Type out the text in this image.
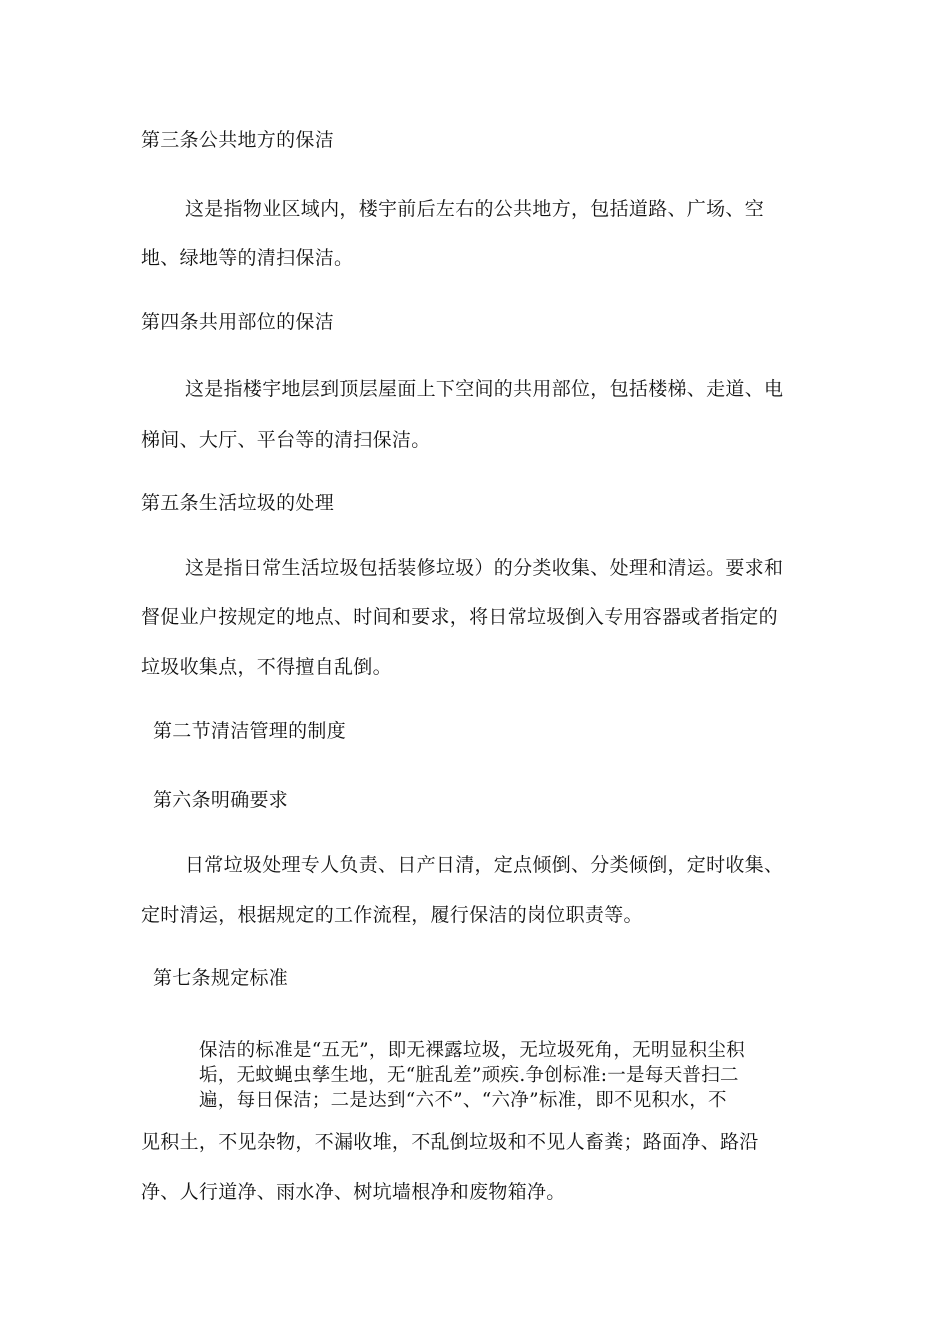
第三条公共地方的保洁
这是指物业区域内，楼宇前后左右的公共地方，包括道路、广场、空
地、绿地等的清扫保洁。
第四条共用部位的保洁
这是指楼宇地层到顶层屋面上下空间的共用部位，包括楼梯、走道、电
梯间、大厅、平台等的清扫保洁。
第五条生活垃圾的处理
这是指日常生活垃圾包括装修垃圾）的分类收集、处理和清运。要求和
督促业户按规定的地点、时间和要求，将日常垃圾倒入专用容器或者指定的
垃圾收集点，不得擅自乱倒。
第二节清洁管理的制度
第六条明确要求
日常垃圾处理专人负责、日产日清，定点倾倒、分类倾倒，定时收集、
定时清运，根据规定的工作流程，履行保洁的岗位职责等。
第七条规定标准
保洁的标准是“五无”，即无裸露垃圾，无垃圾死角，无明显积尘积
垢，无蚊蝇虫孳生地，无“脏乱差”顽疾.争创标准:一是每天普扫二
遍，每日保洁；二是达到“六不”、“六净”标准，即不见积水，不
见积土，不见杂物，不漏收堆，不乱倒垃圾和不见人畜粪；路面净、路沿
净、人行道净、雨水净、树坑墙根净和废物箱净。
